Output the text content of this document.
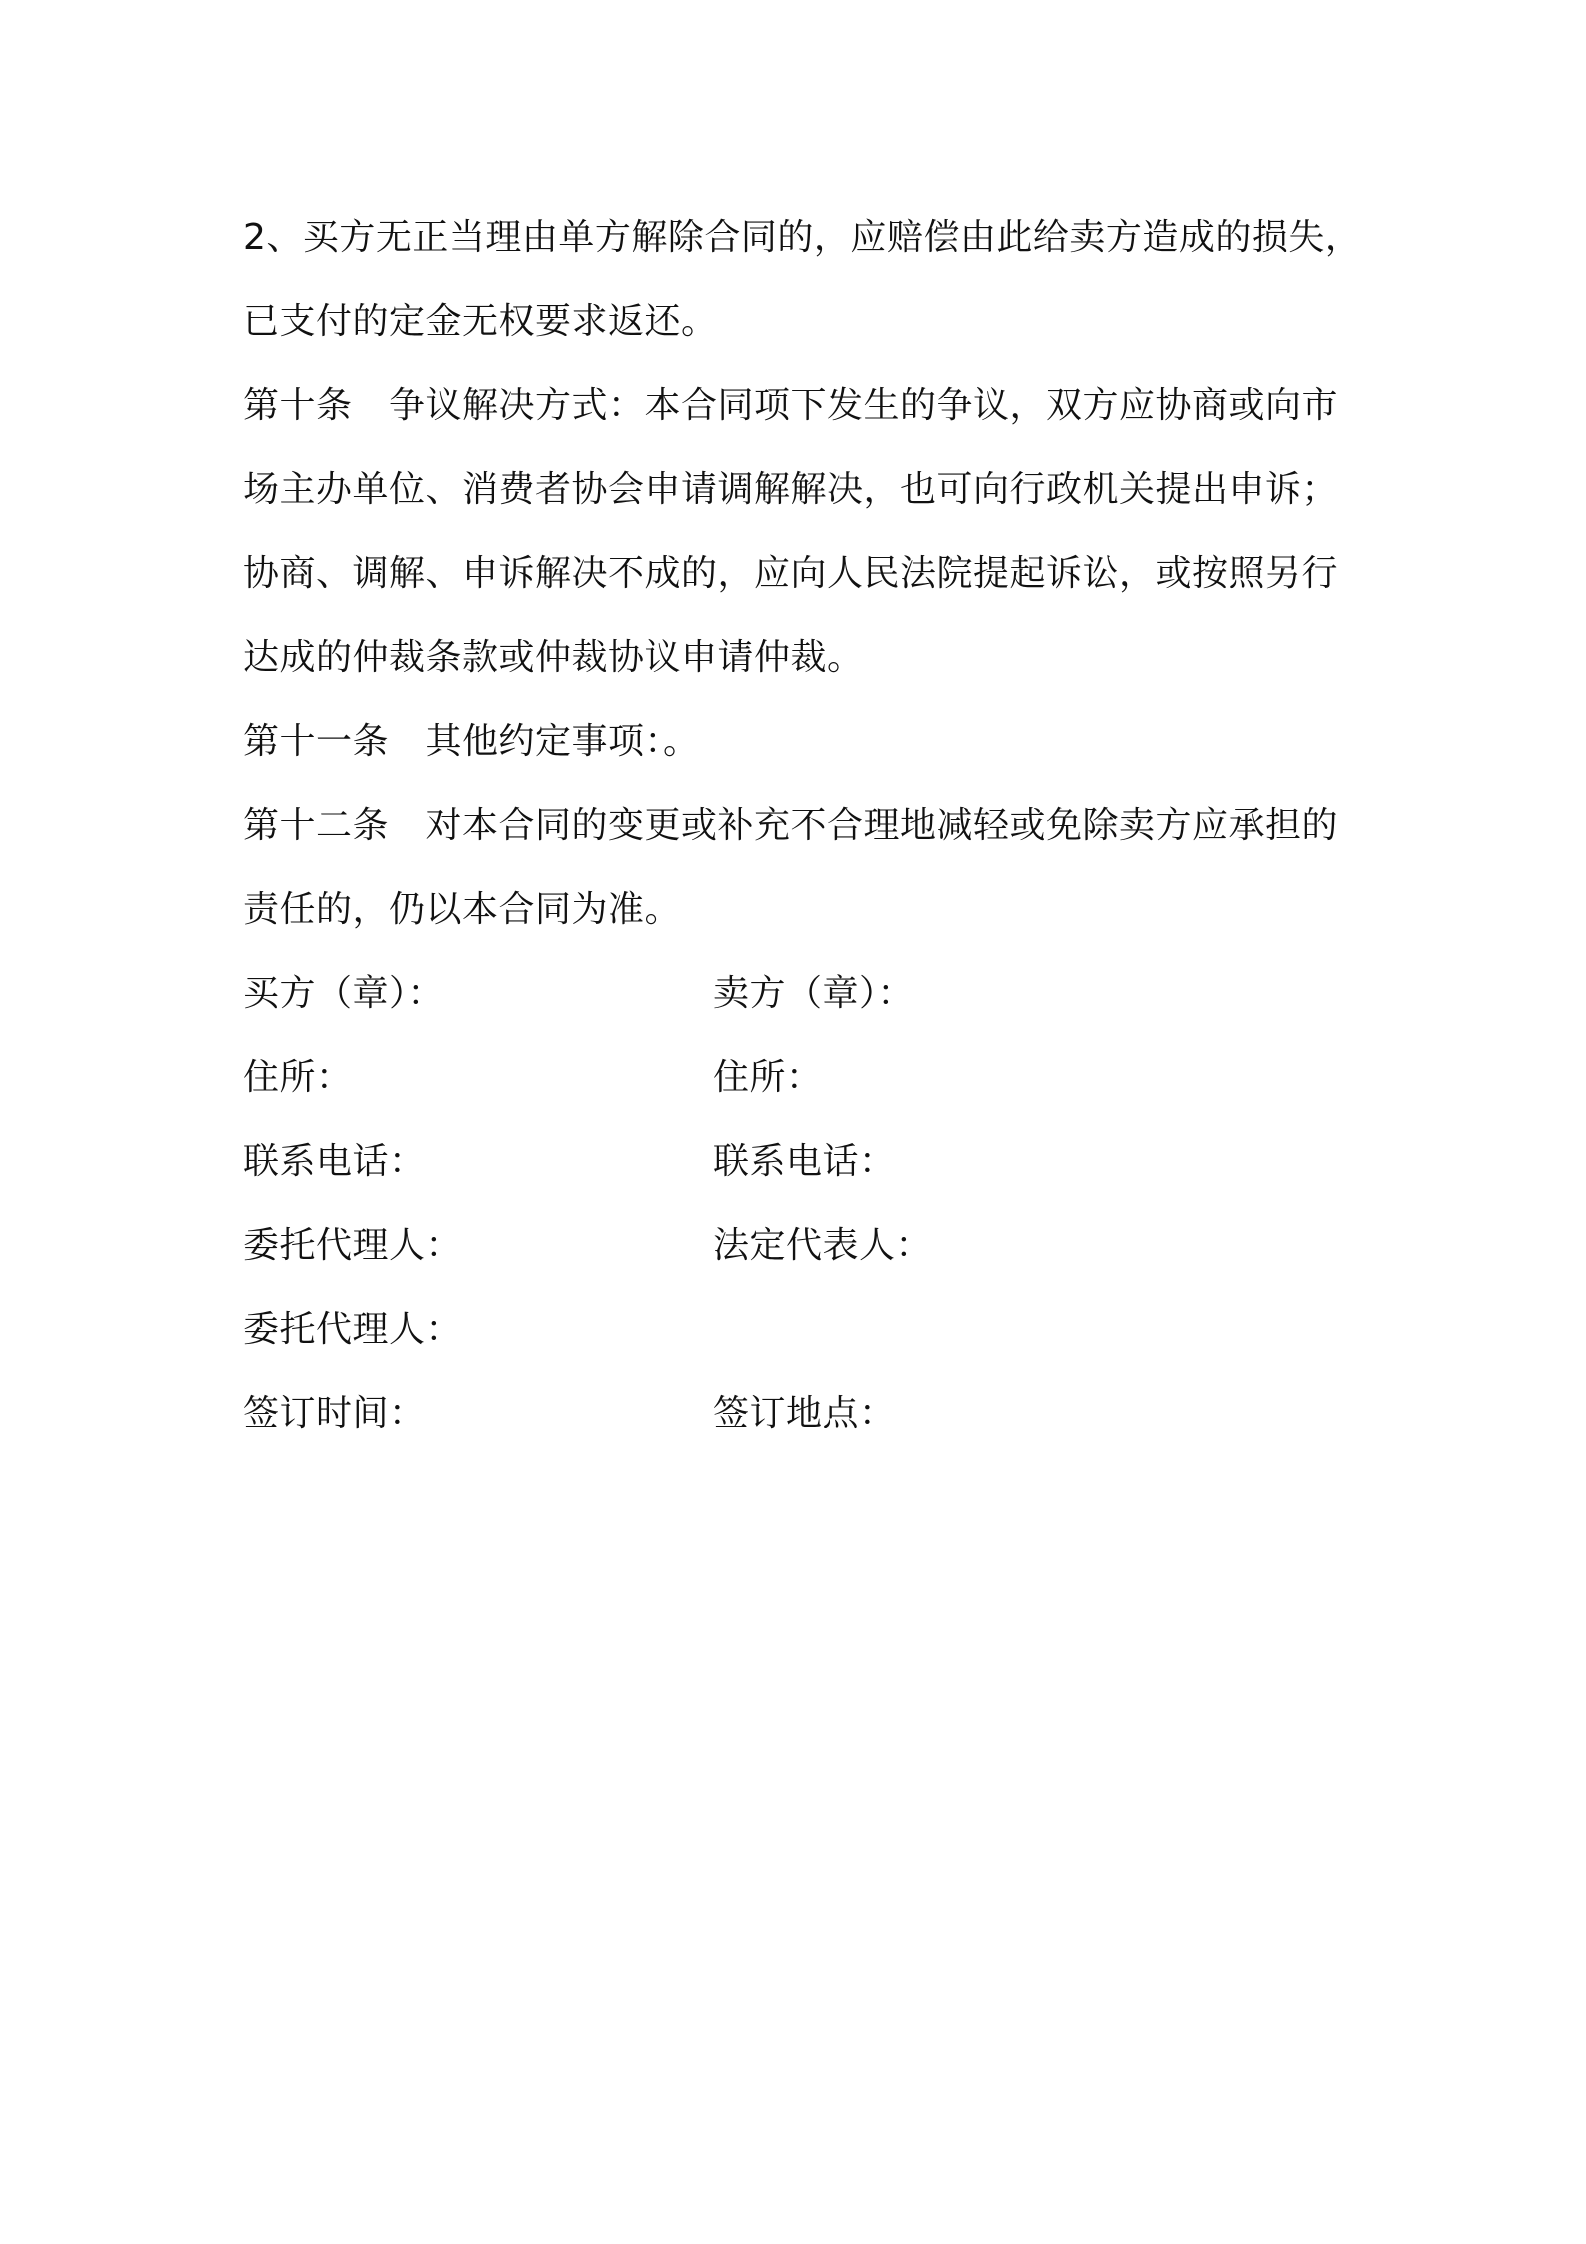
2、买方无正当理由单方解除合同的，应赔偿由此给卖方造成的损失，已支付的定金无权要求返还。

第十条　争议解决方式：本合同项下发生的争议，双方应协商或向市场主办单位、消费者协会申请调解解决，也可向行政机关提出申诉；协商、调解、申诉解决不成的，应向人民法院提起诉讼，或按照另行达成的仲裁条款或仲裁协议申请仲裁。

第十一条　其他约定事项：。

第十二条　对本合同的变更或补充不合理地减轻或免除卖方应承担的责任的，仍以本合同为准。

买方（章）：	卖方（章）：
住所：	住所：
联系电话：	联系电话：
委托代理人：	法定代表人：
委托代理人：
签订时间：	签订地点：
